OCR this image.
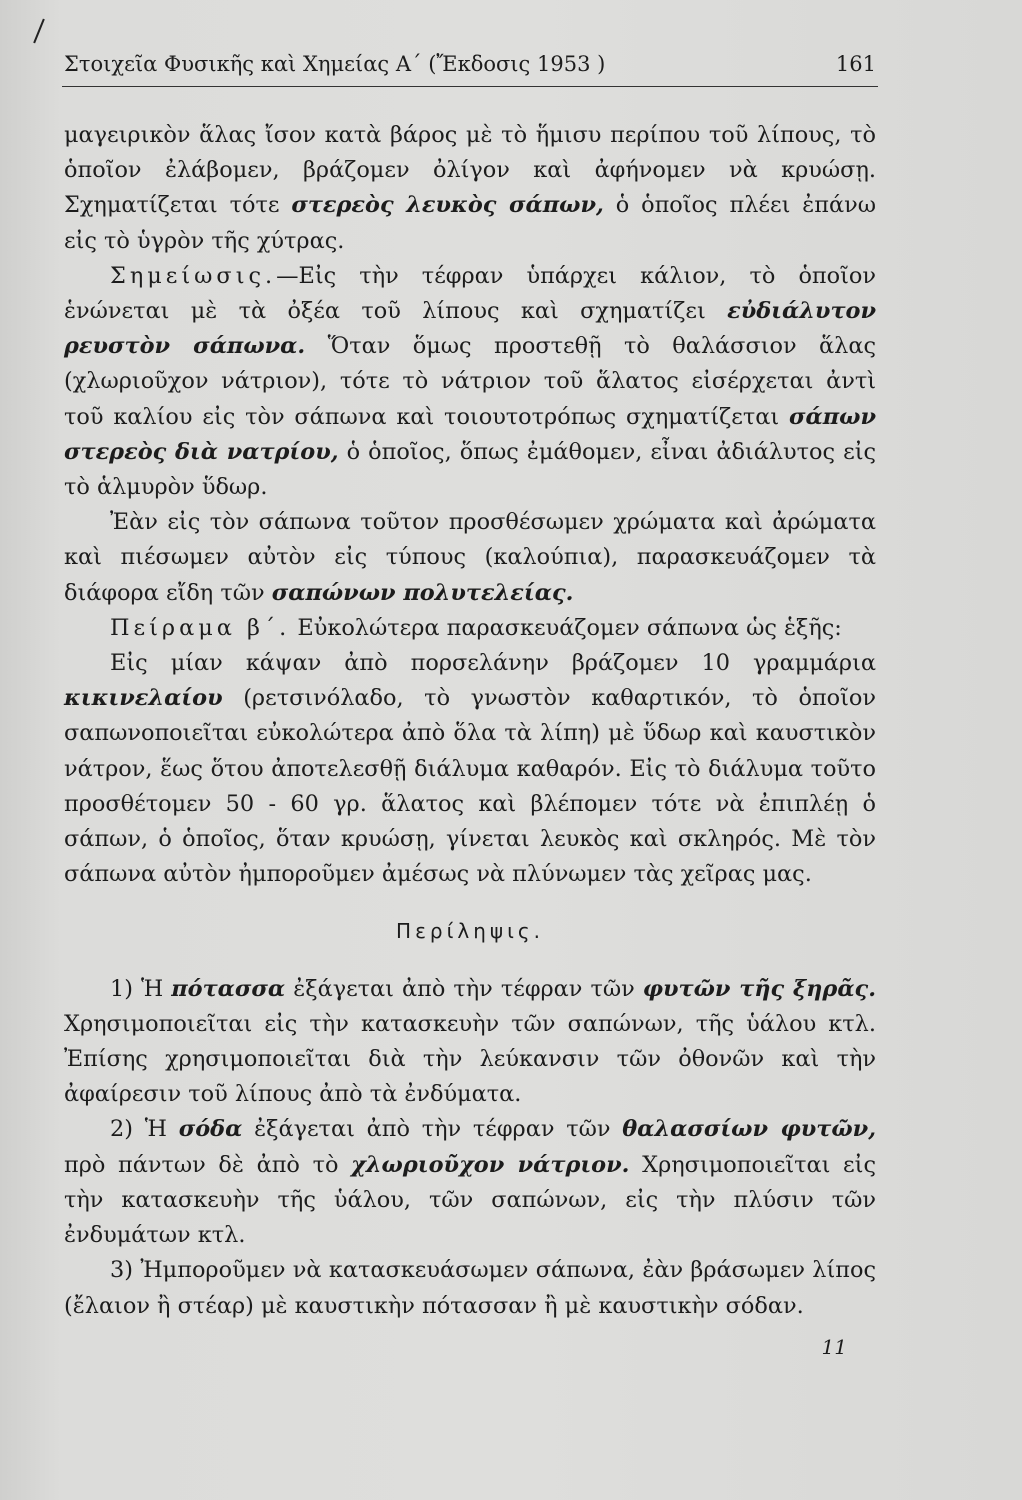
Στοιχεῖα Φυσικῆς καὶ Χημείας Α΄ (Ἔκδοσις 1953 )	161

μαγειρικὸν ἅλας ἴσον κατὰ βάρος μὲ τὸ ἥμισυ περίπου τοῦ λίπους, τὸ ὁποῖον ἐλάβομεν, βράζομεν ὀλίγον καὶ ἀφήνομεν νὰ κρυώσῃ. Σχηματίζεται τότε στερεὸς λευκὸς σάπων, ὁ ὁποῖος πλέει ἐπάνω εἰς τὸ ὑγρὸν τῆς χύτρας.

Σημείωσις.—Εἰς τὴν τέφραν ὑπάρχει κάλιον, τὸ ὁποῖον ἑνώνεται μὲ τὰ ὀξέα τοῦ λίπους καὶ σχηματίζει εὐδιάλυτον ρευστὸν σάπωνα. Ὅταν ὅμως προστεθῇ τὸ θαλάσσιον ἅλας (χλωριοῦχον νάτριον), τότε τὸ νάτριον τοῦ ἅλατος εἰσέρχεται ἀντὶ τοῦ καλίου εἰς τὸν σάπωνα καὶ τοιουτοτρόπως σχηματίζεται σάπων στερεὸς διὰ νατρίου, ὁ ὁποῖος, ὅπως ἐμάθομεν, εἶναι ἀδιάλυτος εἰς τὸ ἁλμυρὸν ὕδωρ.

Ἐὰν εἰς τὸν σάπωνα τοῦτον προσθέσωμεν χρώματα καὶ ἀρώματα καὶ πιέσωμεν αὐτὸν εἰς τύπους (καλούπια), παρασκευάζομεν τὰ διάφορα εἴδη τῶν σαπώνων πολυτελείας.

Πείραμα β΄. Εὐκολώτερα παρασκευάζομεν σάπωνα ὡς ἑξῆς:

Εἰς μίαν κάψαν ἀπὸ πορσελάνην βράζομεν 10 γραμμάρια κικινελαίου (ρετσινόλαδο, τὸ γνωστὸν καθαρτικόν, τὸ ὁποῖον σαπωνοποιεῖται εὐκολώτερα ἀπὸ ὅλα τὰ λίπη) μὲ ὕδωρ καὶ καυστικὸν νάτρον, ἕως ὅτου ἀποτελεσθῇ διάλυμα καθαρόν. Εἰς τὸ διάλυμα τοῦτο προσθέτομεν 50 - 60 γρ. ἅλατος καὶ βλέπομεν τότε νὰ ἐπιπλέῃ ὁ σάπων, ὁ ὁποῖος, ὅταν κρυώσῃ, γίνεται λευκὸς καὶ σκληρός. Μὲ τὸν σάπωνα αὐτὸν ἠμποροῦμεν ἀμέσως νὰ πλύνωμεν τὰς χεῖρας μας.

Περίληψις.

1) Ἡ πότασσα ἐξάγεται ἀπὸ τὴν τέφραν τῶν φυτῶν τῆς ξηρᾶς. Χρησιμοποιεῖται εἰς τὴν κατασκευὴν τῶν σαπώνων, τῆς ὑάλου κτλ. Ἐπίσης χρησιμοποιεῖται διὰ τὴν λεύκανσιν τῶν ὀθονῶν καὶ τὴν ἀφαίρεσιν τοῦ λίπους ἀπὸ τὰ ἐνδύματα.

2) Ἡ σόδα ἐξάγεται ἀπὸ τὴν τέφραν τῶν θαλασσίων φυτῶν, πρὸ πάντων δὲ ἀπὸ τὸ χλωριοῦχον νάτριον. Χρησιμοποιεῖται εἰς τὴν κατασκευὴν τῆς ὑάλου, τῶν σαπώνων, εἰς τὴν πλύσιν τῶν ἐνδυμάτων κτλ.

3) Ἠμποροῦμεν νὰ κατασκευάσωμεν σάπωνα, ἐὰν βράσωμεν λίπος (ἔλαιον ἢ στέαρ) μὲ καυστικὴν πότασσαν ἢ μὲ καυστικὴν σόδαν.

11
